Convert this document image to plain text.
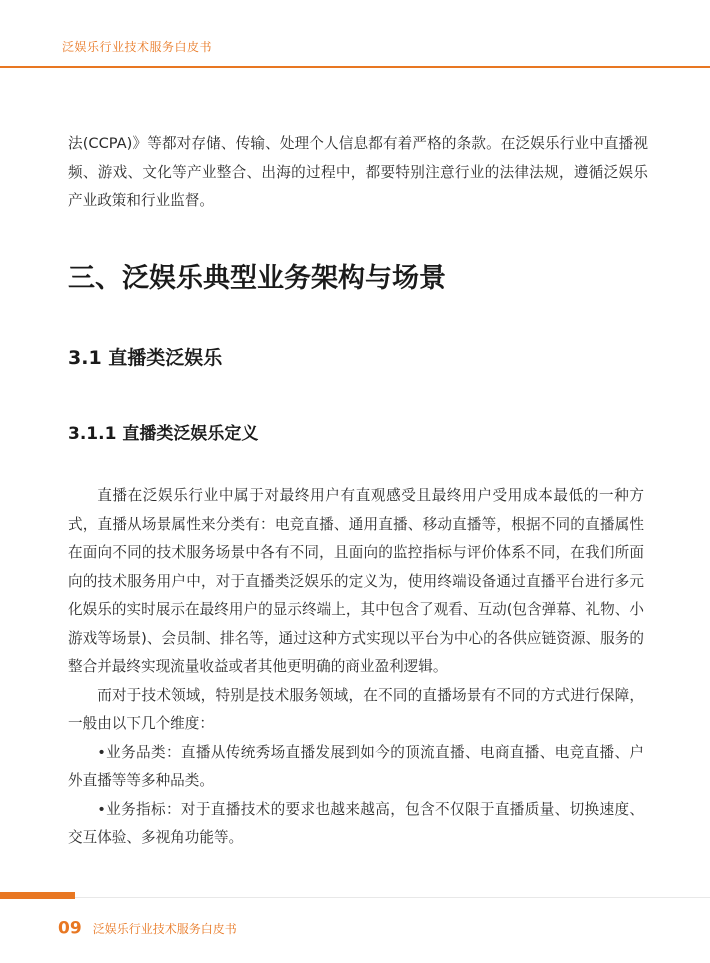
泛娱乐行业技术服务白皮书

法(CCPA)》等都对存储、传输、处理个人信息都有着严格的条款。在泛娱乐行业中直播视频、游戏、文化等产业整合、出海的过程中，都要特别注意行业的法律法规，遵循泛娱乐产业政策和行业监督。

三、泛娱乐典型业务架构与场景
3.1 直播类泛娱乐
3.1.1 直播类泛娱乐定义

直播在泛娱乐行业中属于对最终用户有直观感受且最终用户受用成本最低的一种方式，直播从场景属性来分类有：电竞直播、通用直播、移动直播等，根据不同的直播属性在面向不同的技术服务场景中各有不同，且面向的监控指标与评价体系不同，在我们所面向的技术服务用户中，对于直播类泛娱乐的定义为，使用终端设备通过直播平台进行多元化娱乐的实时展示在最终用户的显示终端上，其中包含了观看、互动(包含弹幕、礼物、小游戏等场景)、会员制、排名等，通过这种方式实现以平台为中心的各供应链资源、服务的整合并最终实现流量收益或者其他更明确的商业盈利逻辑。

而对于技术领域，特别是技术服务领域，在不同的直播场景有不同的方式进行保障，一般由以下几个维度：

•业务品类：直播从传统秀场直播发展到如今的顶流直播、电商直播、电竞直播、户外直播等等多种品类。

•业务指标：对于直播技术的要求也越来越高，包含不仅限于直播质量、切换速度、交互体验、多视角功能等。

09 泛娱乐行业技术服务白皮书
